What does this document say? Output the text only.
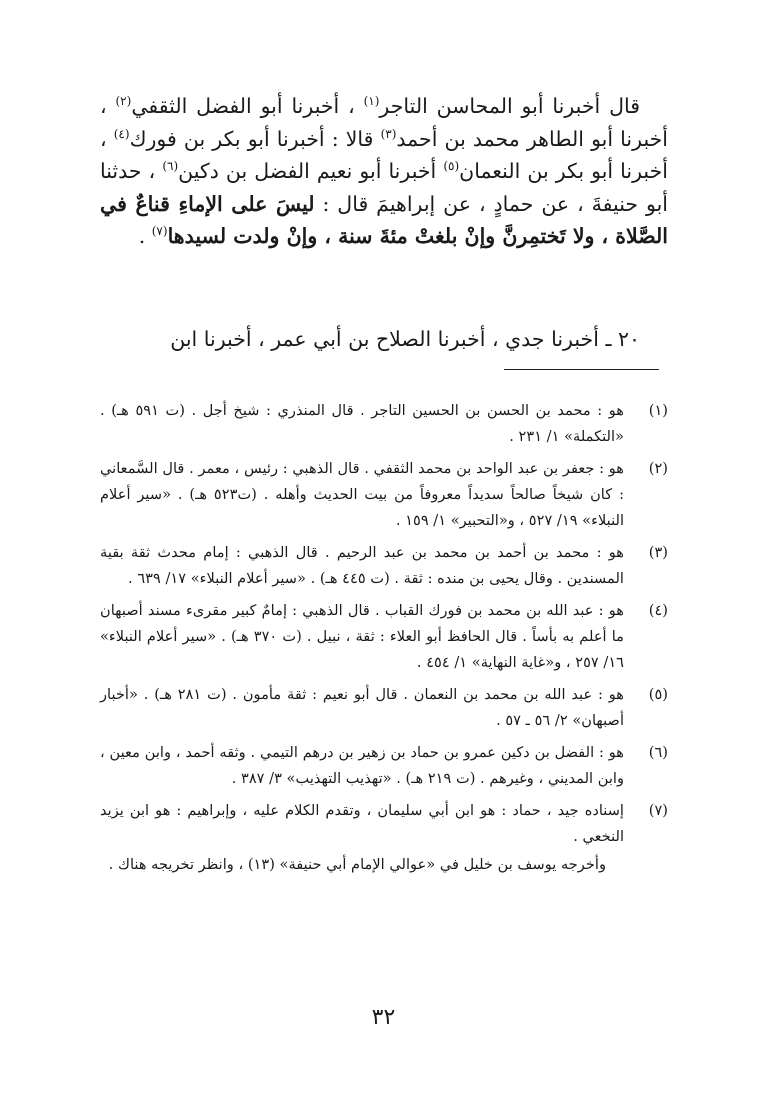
قال أخبرنا أبو المحاسن التاجر$^{(١)}$ ، أخبرنا أبو الفضل الثقفي$^{(٢)}$ ، أخبرنا أبو الطاهر محمد بن أحمد$^{(٣)}$ قالا : أخبرنا أبو بكر بن فورك$^{(٤)}$ ، أخبرنا أبو بكر بن النعمان$^{(٥)}$ أخبرنا أبو نعيم الفضل بن دكين$^{(٦)}$ ، حدثنا أبو حنيفةَ ، عن حمادٍ ، عن إبراهيمَ قال : ليسَ على الإماءِ قناعٌ في الصَّلاة ، ولا تَختمِرنَّ وإنْ بلغتْ مئةَ سنة ، وإنْ ولدت لسيدها$^{(٧)}$ .

٢٠ ـ أخبرنا جدي ، أخبرنا الصلاح بن أبي عمر ، أخبرنا ابن
(١)
هو : محمد بن الحسن بن الحسين التاجر . قال المنذري : شيخ أجل . (ت ٥٩١ هـ) . «التكملة» ١/ ٢٣١ .
(٢)
هو : جعفر بن عبد الواحد بن محمد الثقفي . قال الذهبي : رئيس ، معمر . قال السَّمعاني : كان شيخاً صالحاً سديداً معروفاً من بيت الحديث وأهله . (ت٥٢٣ هـ) . «سير أعلام النبلاء» ١٩/ ٥٢٧ ، و«التحبير» ١/ ١٥٩ .
(٣)
هو : محمد بن أحمد بن محمد بن عبد الرحيم . قال الذهبي : إمام محدث ثقة بقية المسندين . وقال يحيى بن منده : ثقة . (ت ٤٤٥ هـ) . «سير أعلام النبلاء» ١٧/ ٦٣٩ .
(٤)
هو : عبد الله بن محمد بن فورك القباب . قال الذهبي : إمامٌ كبير مقرىء مسند أصبهان ما أعلم به بأساً . قال الحافظ أبو العلاء : ثقة ، نبيل . (ت ٣٧٠ هـ) . «سير أعلام النبلاء» ١٦/ ٢٥٧ ، و«غاية النهاية» ١/ ٤٥٤ .
(٥)
هو : عبد الله بن محمد بن النعمان . قال أبو نعيم : ثقة مأمون . (ت ٢٨١ هـ) . «أخبار أصبهان» ٢/ ٥٦ ـ ٥٧ .
(٦)
هو : الفضل بن دكين عمرو بن حماد بن زهير بن درهم التيمي . وثقه أحمد ، وابن معين ، وابن المديني ، وغيرهم . (ت ٢١٩ هـ) . «تهذيب التهذيب» ٣/ ٣٨٧ .
(٧)

إسناده جيد ، حماد : هو ابن أبي سليمان ، وتقدم الكلام عليه ، وإبراهيم : هو ابن يزيد النخعي .

وأخرجه يوسف بن خليل في «عوالي الإمام أبي حنيفة» (١٣) ، وانظر تخريجه هناك .

٣٢
